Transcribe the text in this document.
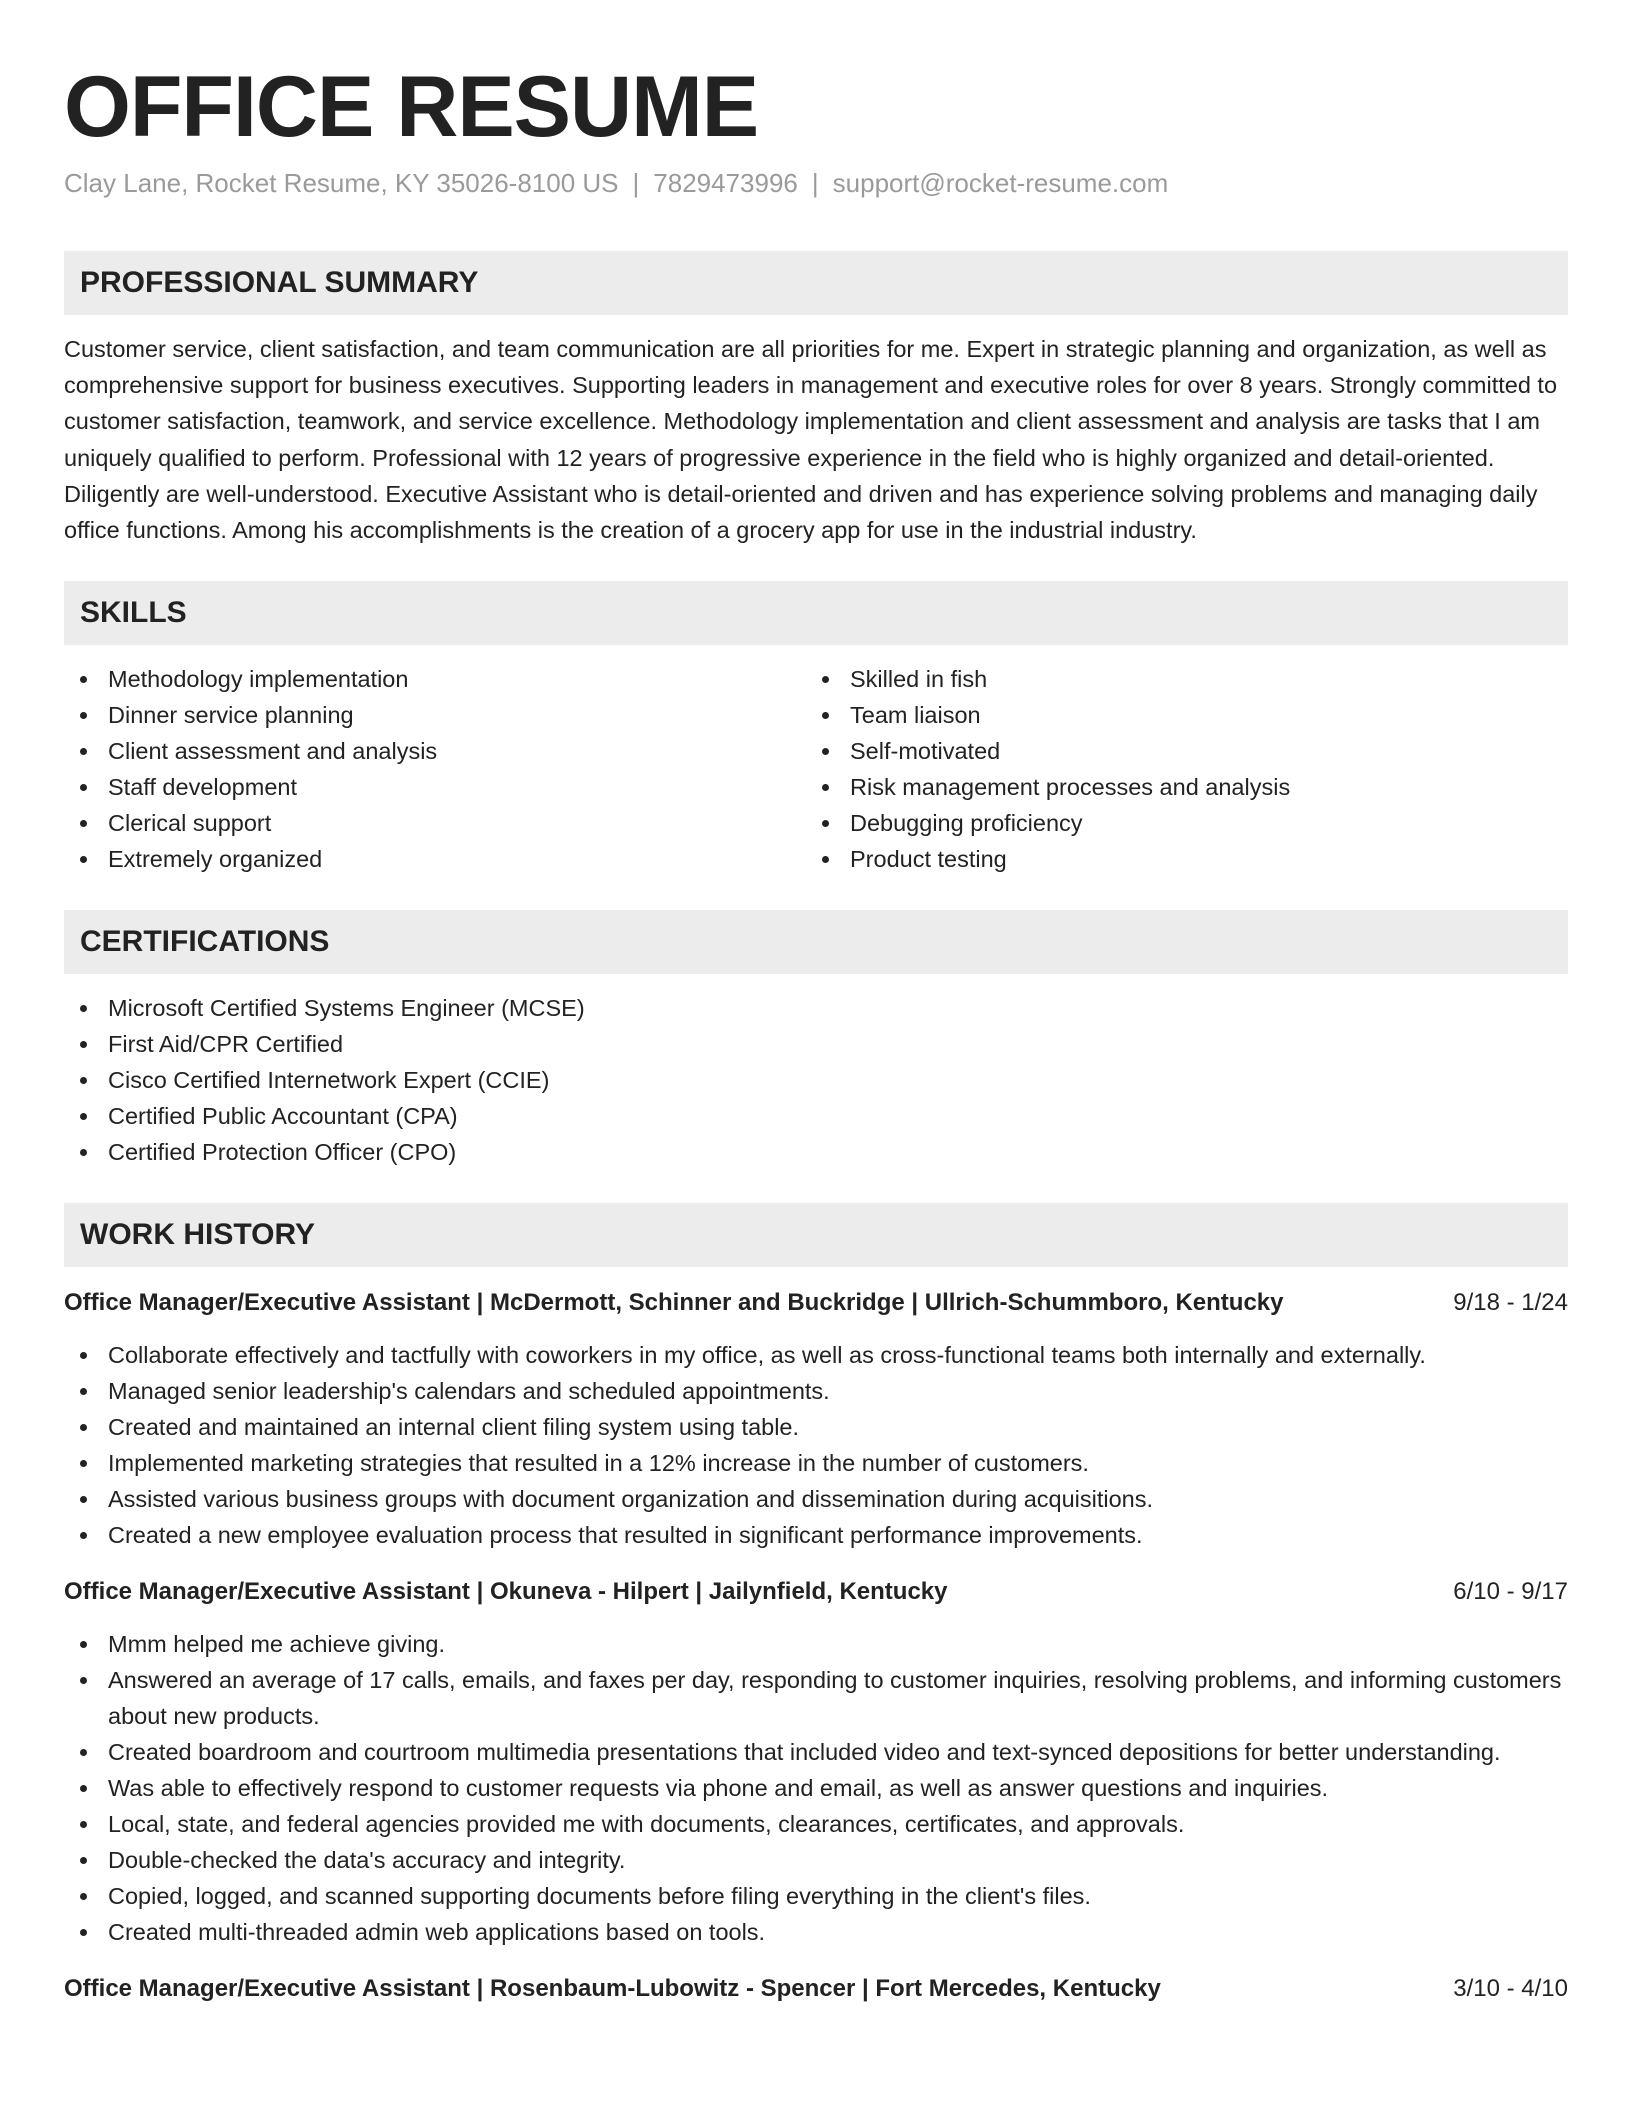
OFFICE RESUME
Clay Lane, Rocket Resume, KY 35026-8100 US | 7829473996 | support@rocket-resume.com
PROFESSIONAL SUMMARY

Customer service, client satisfaction, and team communication are all priorities for me. Expert in strategic planning and organization, as well as comprehensive support for business executives. Supporting leaders in management and executive roles for over 8 years. Strongly committed to customer satisfaction, teamwork, and service excellence. Methodology implementation and client assessment and analysis are tasks that I am uniquely qualified to perform. Professional with 12 years of progressive experience in the field who is highly organized and detail-oriented. Diligently are well-understood. Executive Assistant who is detail-oriented and driven and has experience solving problems and managing daily office functions. Among his accomplishments is the creation of a grocery app for use in the industrial industry.

SKILLS
Methodology implementation
Dinner service planning
Client assessment and analysis
Staff development
Clerical support
Extremely organized
Skilled in fish
Team liaison
Self-motivated
Risk management processes and analysis
Debugging proficiency
Product testing
CERTIFICATIONS
Microsoft Certified Systems Engineer (MCSE)
First Aid/CPR Certified
Cisco Certified Internetwork Expert (CCIE)
Certified Public Accountant (CPA)
Certified Protection Officer (CPO)
WORK HISTORY
Office Manager/Executive Assistant | McDermott, Schinner and Buckridge | Ullrich-Schummboro, Kentucky	9/18 - 1/24
Collaborate effectively and tactfully with coworkers in my office, as well as cross-functional teams both internally and externally.
Managed senior leadership's calendars and scheduled appointments.
Created and maintained an internal client filing system using table.
Implemented marketing strategies that resulted in a 12% increase in the number of customers.
Assisted various business groups with document organization and dissemination during acquisitions.
Created a new employee evaluation process that resulted in significant performance improvements.
Office Manager/Executive Assistant | Okuneva - Hilpert | Jailynfield, Kentucky	6/10 - 9/17
Mmm helped me achieve giving.
Answered an average of 17 calls, emails, and faxes per day, responding to customer inquiries, resolving problems, and informing customers about new products.
Created boardroom and courtroom multimedia presentations that included video and text-synced depositions for better understanding.
Was able to effectively respond to customer requests via phone and email, as well as answer questions and inquiries.
Local, state, and federal agencies provided me with documents, clearances, certificates, and approvals.
Double-checked the data's accuracy and integrity.
Copied, logged, and scanned supporting documents before filing everything in the client's files.
Created multi-threaded admin web applications based on tools.
Office Manager/Executive Assistant | Rosenbaum-Lubowitz - Spencer | Fort Mercedes, Kentucky	3/10 - 4/10
